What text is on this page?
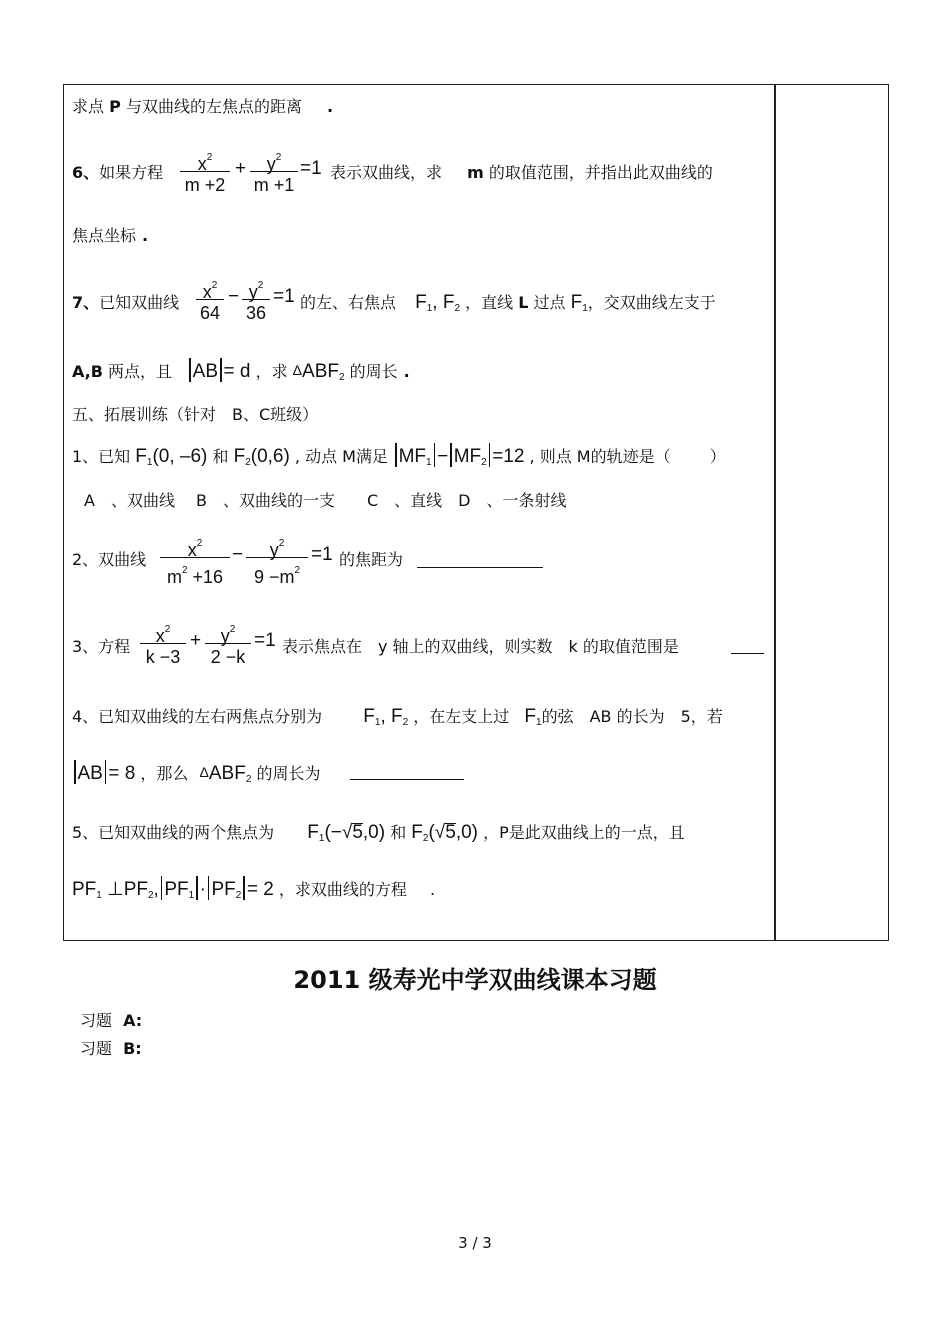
求点 P 与双曲线的左焦点的距离 .
6、如果方程	$x^2$
m +2
+	$y^2$
m +1
=1 表示双曲线，求 m 的取值范围，并指出此双曲线的
焦点坐标 .
7、已知双曲线
$x^2$
64
− $y^2$
36
=1 的左、右焦点 $F_1$, $F_2$ ，直线 L 过点 $F_1$，交双曲线左支于
A,B 两点，且 AB = d ，求 $\Delta ABF_2$ 的周长 .
五、拓展训练（针对　B、C班级）
1、已知 $F_1(0$, –6) 和 $F_2(0,6)$ , 动点 M满足 $MF_1 - MF_2 =12$ , 则点 M的轨迹是（ ）
A　、双曲线　 B　、双曲线的一支　　C　、直线　D　、一条射线
2、双曲线	$x^2$
$m^2 +16$
−	$y^2$
$9 -m^2$
=1 的焦距为
3、方程
$x^2$
k −3
+	$y^2$
2 −k
=1 表示焦点在　y 轴上的双曲线，则实数　k 的取值范围是
4、已知双曲线的左右两焦点分别为 $F_1$, $F_2$ ，在左支上过 $F_1$的弦　AB 的长为　5，若
AB = 8 ，那么 $\Delta ABF_2$ 的周长为
5、已知双曲线的两个焦点为 $F_1(-√5,0)$ 和 $F_2(√5,0)$ ，P是此双曲线上的一点，且
$PF_1$ $\perp PF_2$, $PF_1 \cdot PF_2 = 2$ ，求双曲线的方程 .
2011 级寿光中学双曲线课本习题
习题 A:
习题 B:
3 / 3
